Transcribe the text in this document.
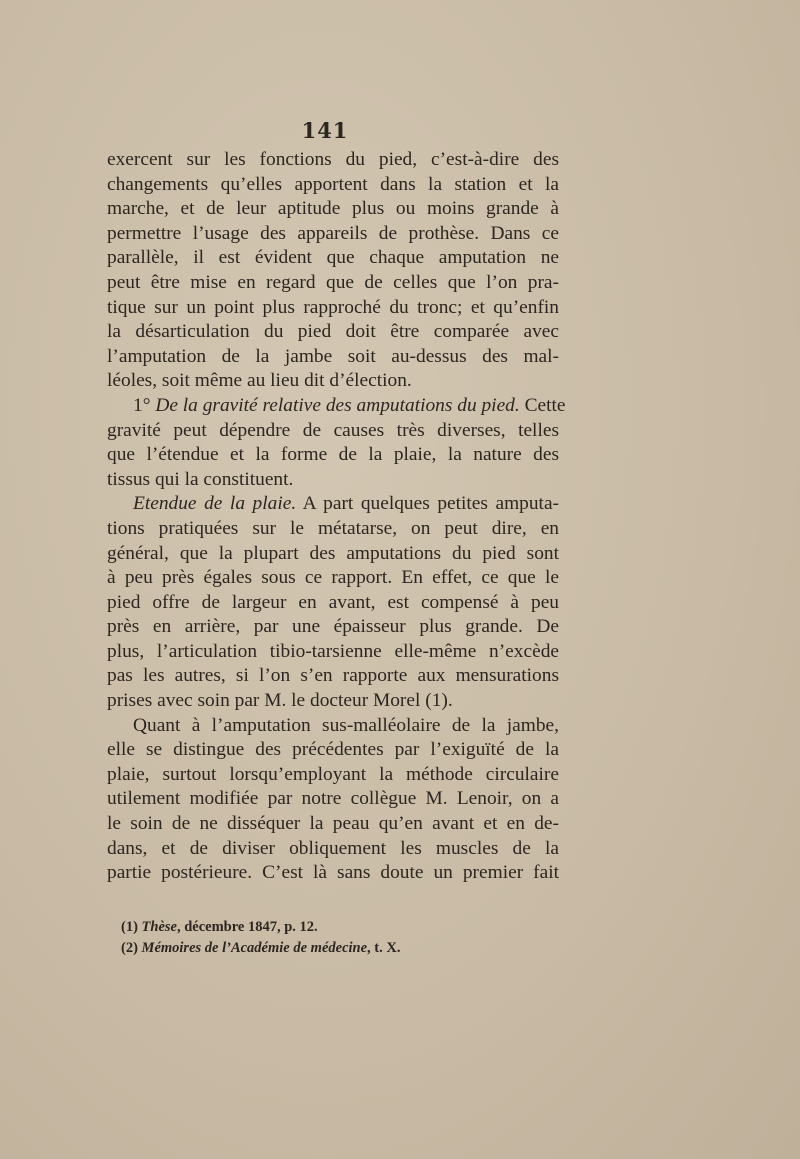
141
exercent sur les fonctions du pied, c’est-à-dire des
changements qu’elles apportent dans la station et la
marche, et de leur aptitude plus ou moins grande à
permettre l’usage des appareils de prothèse. Dans ce
parallèle, il est évident que chaque amputation ne
peut être mise en regard que de celles que l’on pra-
tique sur un point plus rapproché du tronc; et qu’enfin
la désarticulation du pied doit être comparée avec
l’amputation de la jambe soit au-dessus des mal-
léoles, soit même au lieu dit d’élection.
1° De la gravité relative des amputations du pied. Cette
gravité peut dépendre de causes très diverses, telles
que l’étendue et la forme de la plaie, la nature des
tissus qui la constituent.
Etendue de la plaie. A part quelques petites amputa-
tions pratiquées sur le métatarse, on peut dire, en
général, que la plupart des amputations du pied sont
à peu près égales sous ce rapport. En effet, ce que le
pied offre de largeur en avant, est compensé à peu
près en arrière, par une épaisseur plus grande. De
plus, l’articulation tibio-tarsienne elle-même n’excède
pas les autres, si l’on s’en rapporte aux mensurations
prises avec soin par M. le docteur Morel (1).
Quant à l’amputation sus-malléolaire de la jambe,
elle se distingue des précédentes par l’exiguïté de la
plaie, surtout lorsqu’employant la méthode circulaire
utilement modifiée par notre collègue M. Lenoir, on a
le soin de ne disséquer la peau qu’en avant et en de-
dans, et de diviser obliquement les muscles de la
partie postérieure. C’est là sans doute un premier fait
(1) Thèse, décembre 1847, p. 12.
(2) Mémoires de l’Académie de médecine, t. X.
